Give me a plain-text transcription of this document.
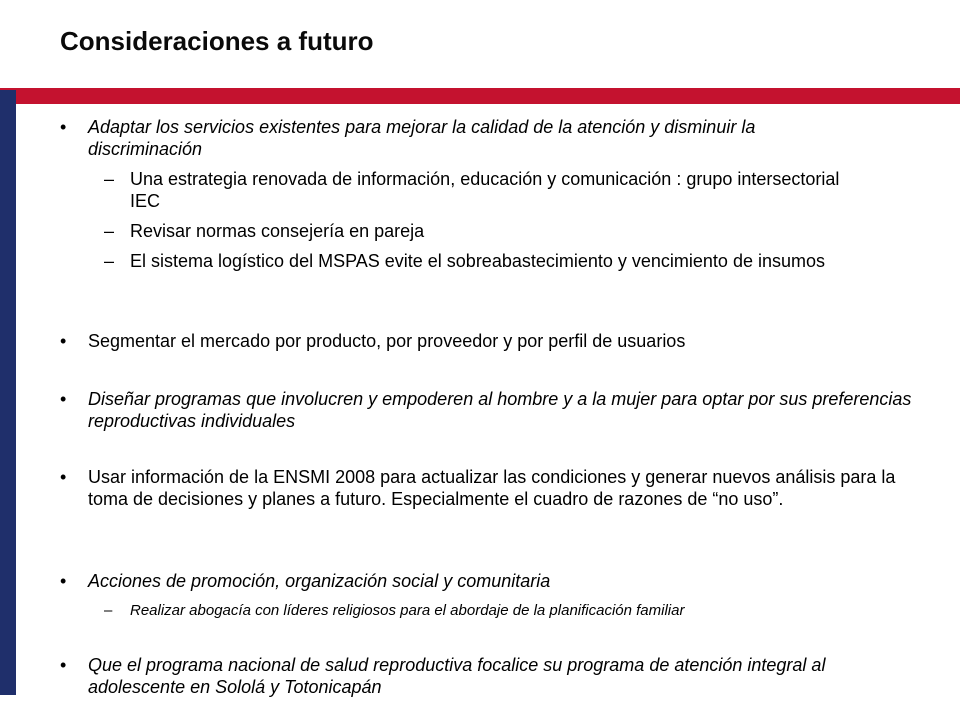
Consideraciones a futuro
• Adaptar los servicios existentes para mejorar la calidad de la atención y disminuir la discriminación
– Una estrategia renovada de información, educación y comunicación : grupo intersectorial IEC
– Revisar normas consejería en pareja
– El sistema logístico del MSPAS evite el sobreabastecimiento y vencimiento de insumos
• Segmentar el mercado por producto, por proveedor y por perfil de usuarios
• Diseñar programas que involucren y empoderen al hombre y a la mujer para optar por sus preferencias reproductivas individuales
• Usar información de la ENSMI 2008 para actualizar las condiciones y generar nuevos análisis para la toma de decisiones y planes a futuro. Especialmente el cuadro de razones de “no uso”.
• Acciones de promoción, organización social y comunitaria
– Realizar abogacía con líderes religiosos para el abordaje de la planificación familiar
• Que el programa nacional de salud reproductiva focalice su programa de atención integral al adolescente en Sololá y Totonicapán
